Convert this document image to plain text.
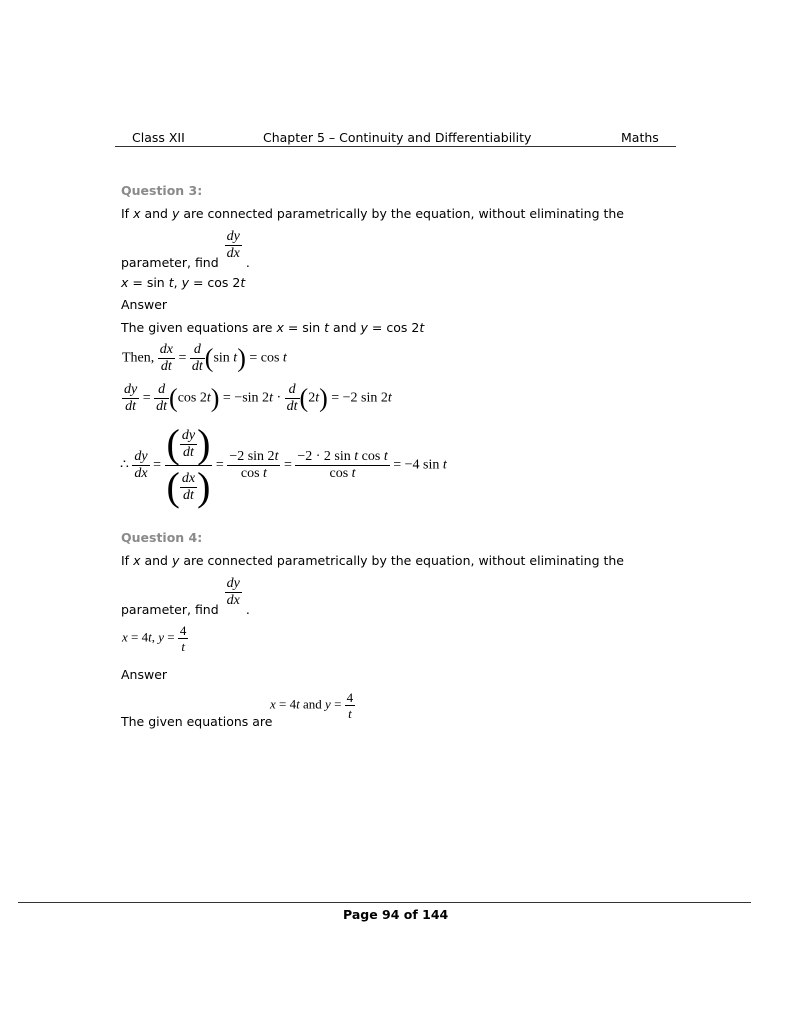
Class XII	Chapter 5 – Continuity and Differentiability	Maths
Question 3:
If x and y are connected parametrically by the equation, without eliminating the
parameter, find
$\frac{dy}{dx}$
.
x = sin t, y = cos 2t
Answer
The given equations are x = sin t and y = cos 2t
Then, $\frac{dx}{dt} = \frac{d}{dt} (\sin$ t) = cos t
$\frac{dy}{dt} = \frac{d}{dt} (\cos$ 2t) = −sin $2t \cdot \frac{d}{dt} (2t) = -2$ sin 2t
∴ $\frac{dy}{dx}$ = ( $\frac{dy}{dt}$ )
( $\frac{dx}{dt}$ ) = $\frac{-2 \sin 2t}{\text{cos t}} = \frac{\text{−2 · 2 sin t cos t}}{\text{cos t}} = -4$ sin t
Question 4:
If x and y are connected parametrically by the equation, without eliminating the
parameter, find
$\frac{dy}{dx}$
.
x = 4t, $y = \frac{4}{t}$
Answer
The given equations are
x = 4t and $y = \frac{4}{t}$
Page 94 of 144
